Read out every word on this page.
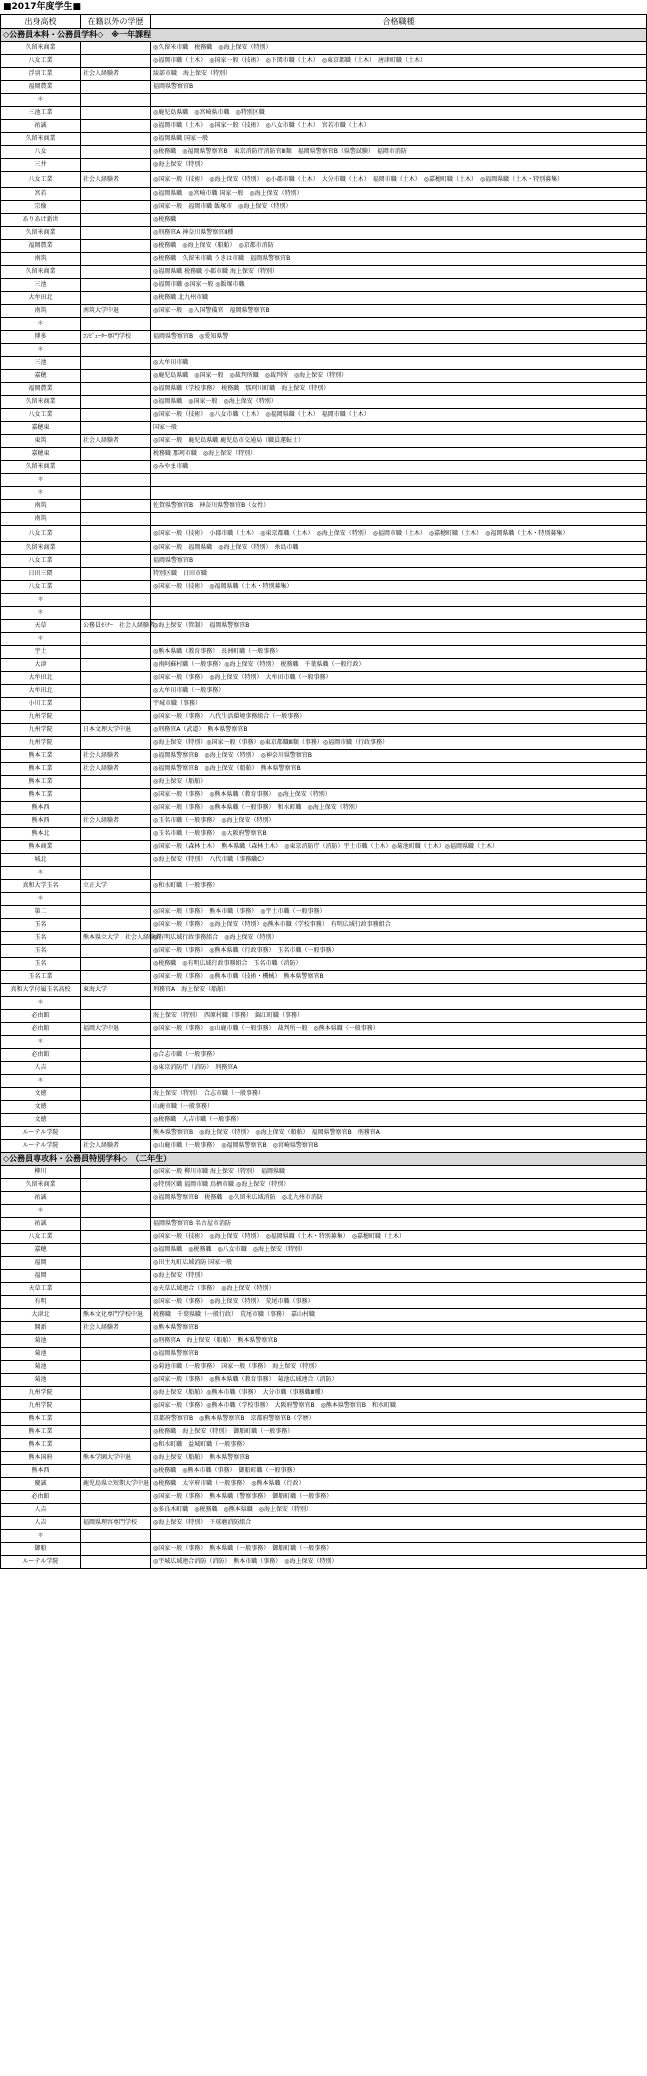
■2017年度学生■
出身高校	在籍以外の学歴	合格職種
◇公務員本科・公務員学科◇　※一年課程		
久留米商業		◎久留米市職　税務職　◎海上保安（特別）
八女工業		◎福岡市職（土木）　◎国家一般（技術）　◎下関市職（土木）　◎東京都職（土木）　唐津町職（土木）
浮羽工業	社会人経験者	綾部市職　海上保安（特別）
福岡農業		福岡県警察官B
＊		
三池工業		◎鹿児島県職　◎宮崎県市職　◎特別区職
祐誠		◎福岡市職（土木）　◎国家一般（技術）　◎八女市職（土木）　宮若市職（土木）
久留米商業		◎福岡県職 国家一般
八女		◎税務職　◎福岡県警察官B　東京消防庁消防官Ⅲ類　福岡県警察官B（県警試験）　福岡市消防
三井		◎海上保安（特別）
八女工業	社会人経験者	◎国家一般（技術）　◎海上保安（特別）　◎小郡市職（土木）　大分市職（土木）　福岡市職（土木）　◎嘉穂町職（土木）　◎福岡県職（土木・特別募集）
宮若		◎福岡県職　◎宮崎市職 国家一般　◎海上保安（特別）
宗像		◎国家一般　福岡市職 飯塚市　◎海上保安（特別）
ありあけ新世		◎税務職
久留米商業		◎刑務官A 神奈川県警察官Ⅱ種
福岡農業		◎税務職　◎海上保安（船舶）　◎京都市消防
南筑		◎税務職　久留米市職 うきは市職　福岡県警察官B
久留米商業		◎福岡県職 税務職 小郡市職 海上保安（特別）
三池		◎福岡市職 ◎国家一般 ◎飯塚市職
大牟田北		◎税務職 北九州市職
南筑	南筑大学中退	◎国家一般　◎入国警備官　福岡県警察官B
＊		
博多	ｺﾝﾋﾟｭｰﾀｰ専門学校	福岡県警察官B　◎愛知県警
＊		
三池		◎大牟田市職
嘉穂		◎鹿児島県職　◎国家一般　◎裁判所職　◎裁判所　◎海上保安（特別）
福岡農業		◎福岡県職（学校事務）　税務職　那珂川町職　海上保安（特別）
久留米商業		◎福岡県職　◎国家一般　◎海上保安（特別）
八女工業		◎国家一般（技術）　◎八女市職（土木）　◎福岡県職（土木）　福岡市職（土木）
嘉穂東		国家一般
東筑	社会人経験者	◎国家一般　鹿児島県職 鹿児島市交通局（職員運転士）
嘉穂東		税務職 那珂市職　◎海上保安（特別）
久留米商業		◎みやま市職
＊		
＊		
南筑		佐賀県警察官B　神奈川県警察官B（女性）
南筑		
八女工業		◎国家一般（技術）　小郡市職（土木）　◎東京都職（土木）　◎海上保安（特別）　◎福岡市職（土木）　◎嘉穂町職（土木）　◎福岡県職（土木・特別募集）
久留米商業		◎国家一般　福岡県職　◎海上保安（特別）　糸島市職
八女工業		福岡県警察官B
日田三隈		特別区職　日田市職
八女工業		◎国家一般（技術）　◎福岡県職（土木・特別募集）
＊		
＊		
天草	公務員ｾﾐﾅｰ　社会人経験者	◎海上保安（管制）　福岡県警察官B
＊		
宇土		◎熊本県職（教育事務）　長洲町職（一般事務）
大津		◎南阿蘇村職（一般事務）◎海上保安（特別）　税務職　千葉県職（一般行政）
大牟田北		◎国家一般（事務）　◎海上保安（特別）　大牟田市職（一般事務）
大牟田北		◎大牟田市職（一般事務）
小川工業		宇城市職（事務）
九州学院		◎国家一般（事務）　八代生活環境事務組合（一般事務）
九州学院	日本文理大学中退	◎刑務官A（武道）　熊本県警察官B
九州学院		◎海上保安（特別）◎国家一般（事務）◎東京都職Ⅲ類（事務）◎福岡市職（行政事務）
熊本工業	社会人経験者	◎福岡県警察官B　◎海上保安（特別）　◎神奈川県警察官B
熊本工業	社会人経験者	◎福岡県警察官B　◎海上保安（船舶）　熊本県警察官B
熊本工業		◎海上保安（船舶）
熊本工業		◎国家一般（事務）　◎熊本県職（教育事務）　◎海上保安（特別）
熊本西		◎国家一般（事務）　◎熊本県職（一般事務）　和水町職　◎海上保安（特別）
熊本西	社会人経験者	◎玉名市職（一般事務）　◎海上保安（特別）
熊本北		◎玉名市職（一般事務）　◎大阪府警察官B
熊本商業		◎国家一般（森林土木）　熊本県職（森林土木）　◎東京消防庁（消防）宇土市職（土木）◎菊池町職（土木）◎福岡県職（土木）
城北		◎海上保安（特別）　八代市職（事務職C）
＊		
真和大学玉名	立正大学	◎和水町職（一般事務）
＊		
第二		◎国家一般（事務）　熊本市職（事務）　◎宇土市職（一般事務）
玉名		◎国家一般（事務）　◎海上保安（特別）◎熊本市職（学校事務）　有明広域行政事務組合
玉名	熊本県立大学　社会人経験者	◎有明広域行政事務組合　◎海上保安（特別）
玉名		◎国家一般（事務）　◎熊本県職（行政事務）　玉名市職（一般事務）
玉名		◎税務職　◎有明広域行政事務組合　玉名市職（消防）
玉名工業		◎国家一般（事務）　◎熊本市職（技術・機械）　熊本県警察官B
真和大学付属玉名高校	東海大学	刑務官A　海上保安（船舶）
＊		
必由館		海上保安（特別）　西原村職（事務）　錦江町職（事務）
必由館	福岡大学中退	◎国家一般（事務）　◎山鹿市職（一般事務）　裁判所一般　◎熊本県職（一般事務）
＊		
必由館		◎合志市職（一般事務）
人吉		◎東京消防庁（消防）　刑務官A
＊		
文徳		海上保安（特別）　合志市職（一般事務）
文徳		山鹿市職（一般事務）
文徳		◎税務職　人吉市職（一般事務）
ルーテル学院		熊本県警察官B　◎海上保安（特別）　◎海上保安（船舶）　福岡県警察官B　刑務官A
ルーテル学院	社会人経験者	◎山鹿市職（一般事務）　◎福岡県警察官B　◎宮崎県警察官B
◇公務員専攻科・公務員特別学科◇　（二年生）		
柳川		◎国家一般 柳川市職 海上保安（特別）　福岡県職
久留米商業		◎特別区職 福岡市職 鳥栖市職 ◎海上保安（特別）
祐誠		◎福岡県警察官B　税務職　◎久留米広域消防　◎北九州市消防
＊		
祐誠		福岡県警察官B 名古屋市消防
八女工業		◎国家一般（技術）　◎海上保安（特別）　◎福岡県職（土木・特別募集）　◎嘉穂町職（土木）
嘉穂		◎福岡県職　◎税務職　◎八女市職　◎海上保安（特別）
福岡		◎田主丸町広域消防 国家一般
福岡		◎海上保安（特別）
天草工業		◎天草広域連合（事務）　◎海上保安（特別）
有明		◎国家一般（事務）　◎海上保安（特別）　荒尾市職（事務）
大津北	熊本文化専門学校中退	税務職　千葉県職（一般行政）　荒尾市職（事務）　嘉山村職
開新	社会人経験者	◎熊本県警察官B
菊池		◎刑務官A　海上保安（船舶）　熊本県警察官B
菊池		◎福岡県警察官B
菊池		◎菊池市職（一般事務）　国家一般（事務）　海上保安（特別）
菊池		◎国家一般（事務）　◎熊本県職（教育事務）　菊池広域連合（消防）
九州学院		◎海上保安（船舶）◎熊本市職（事務）　大分市職（事務職Ⅲ種）
九州学院		◎国家一般（事務）◎熊本市職（学校事務）　大阪府警察官B　◎熊本県警察官B　和水町職
熊本工業		京都府警察官B　◎熊本県警察官B　京都府警察官B（学歴）
熊本工業		◎税務職　海上保安（特別）　御船町職（一般事務）
熊本工業		◎和水町職　益城町職（一般事務）
熊本国府	熊本学園大学中退	◎海上保安（船舶）　熊本県警察官B
熊本西		◎税務職　◎熊本市職（事務）　御船町職（一般事務）
慶誠	鹿児島県立短期大学中退	◎税務職　太宰府市職（一般事務）　◎熊本県職（行政）
必由館		◎国家一般（事務）　熊本県職（警察事務）　御船町職（一般事務）
人吉		◎多良木町職　◎税務職　◎熊本県職　◎海上保安（特別）
人吉	福岡県理容専門学校	◎海上保安（特別）　下球磨消防組合
＊		
御船		◎国家一般（事務）　熊本県職（一般事務）　御船町職（一般事務）
ルーテル学院		◎宇城広域連合消防（消防）　熊本市職（事務）　◎海上保安（特別）
